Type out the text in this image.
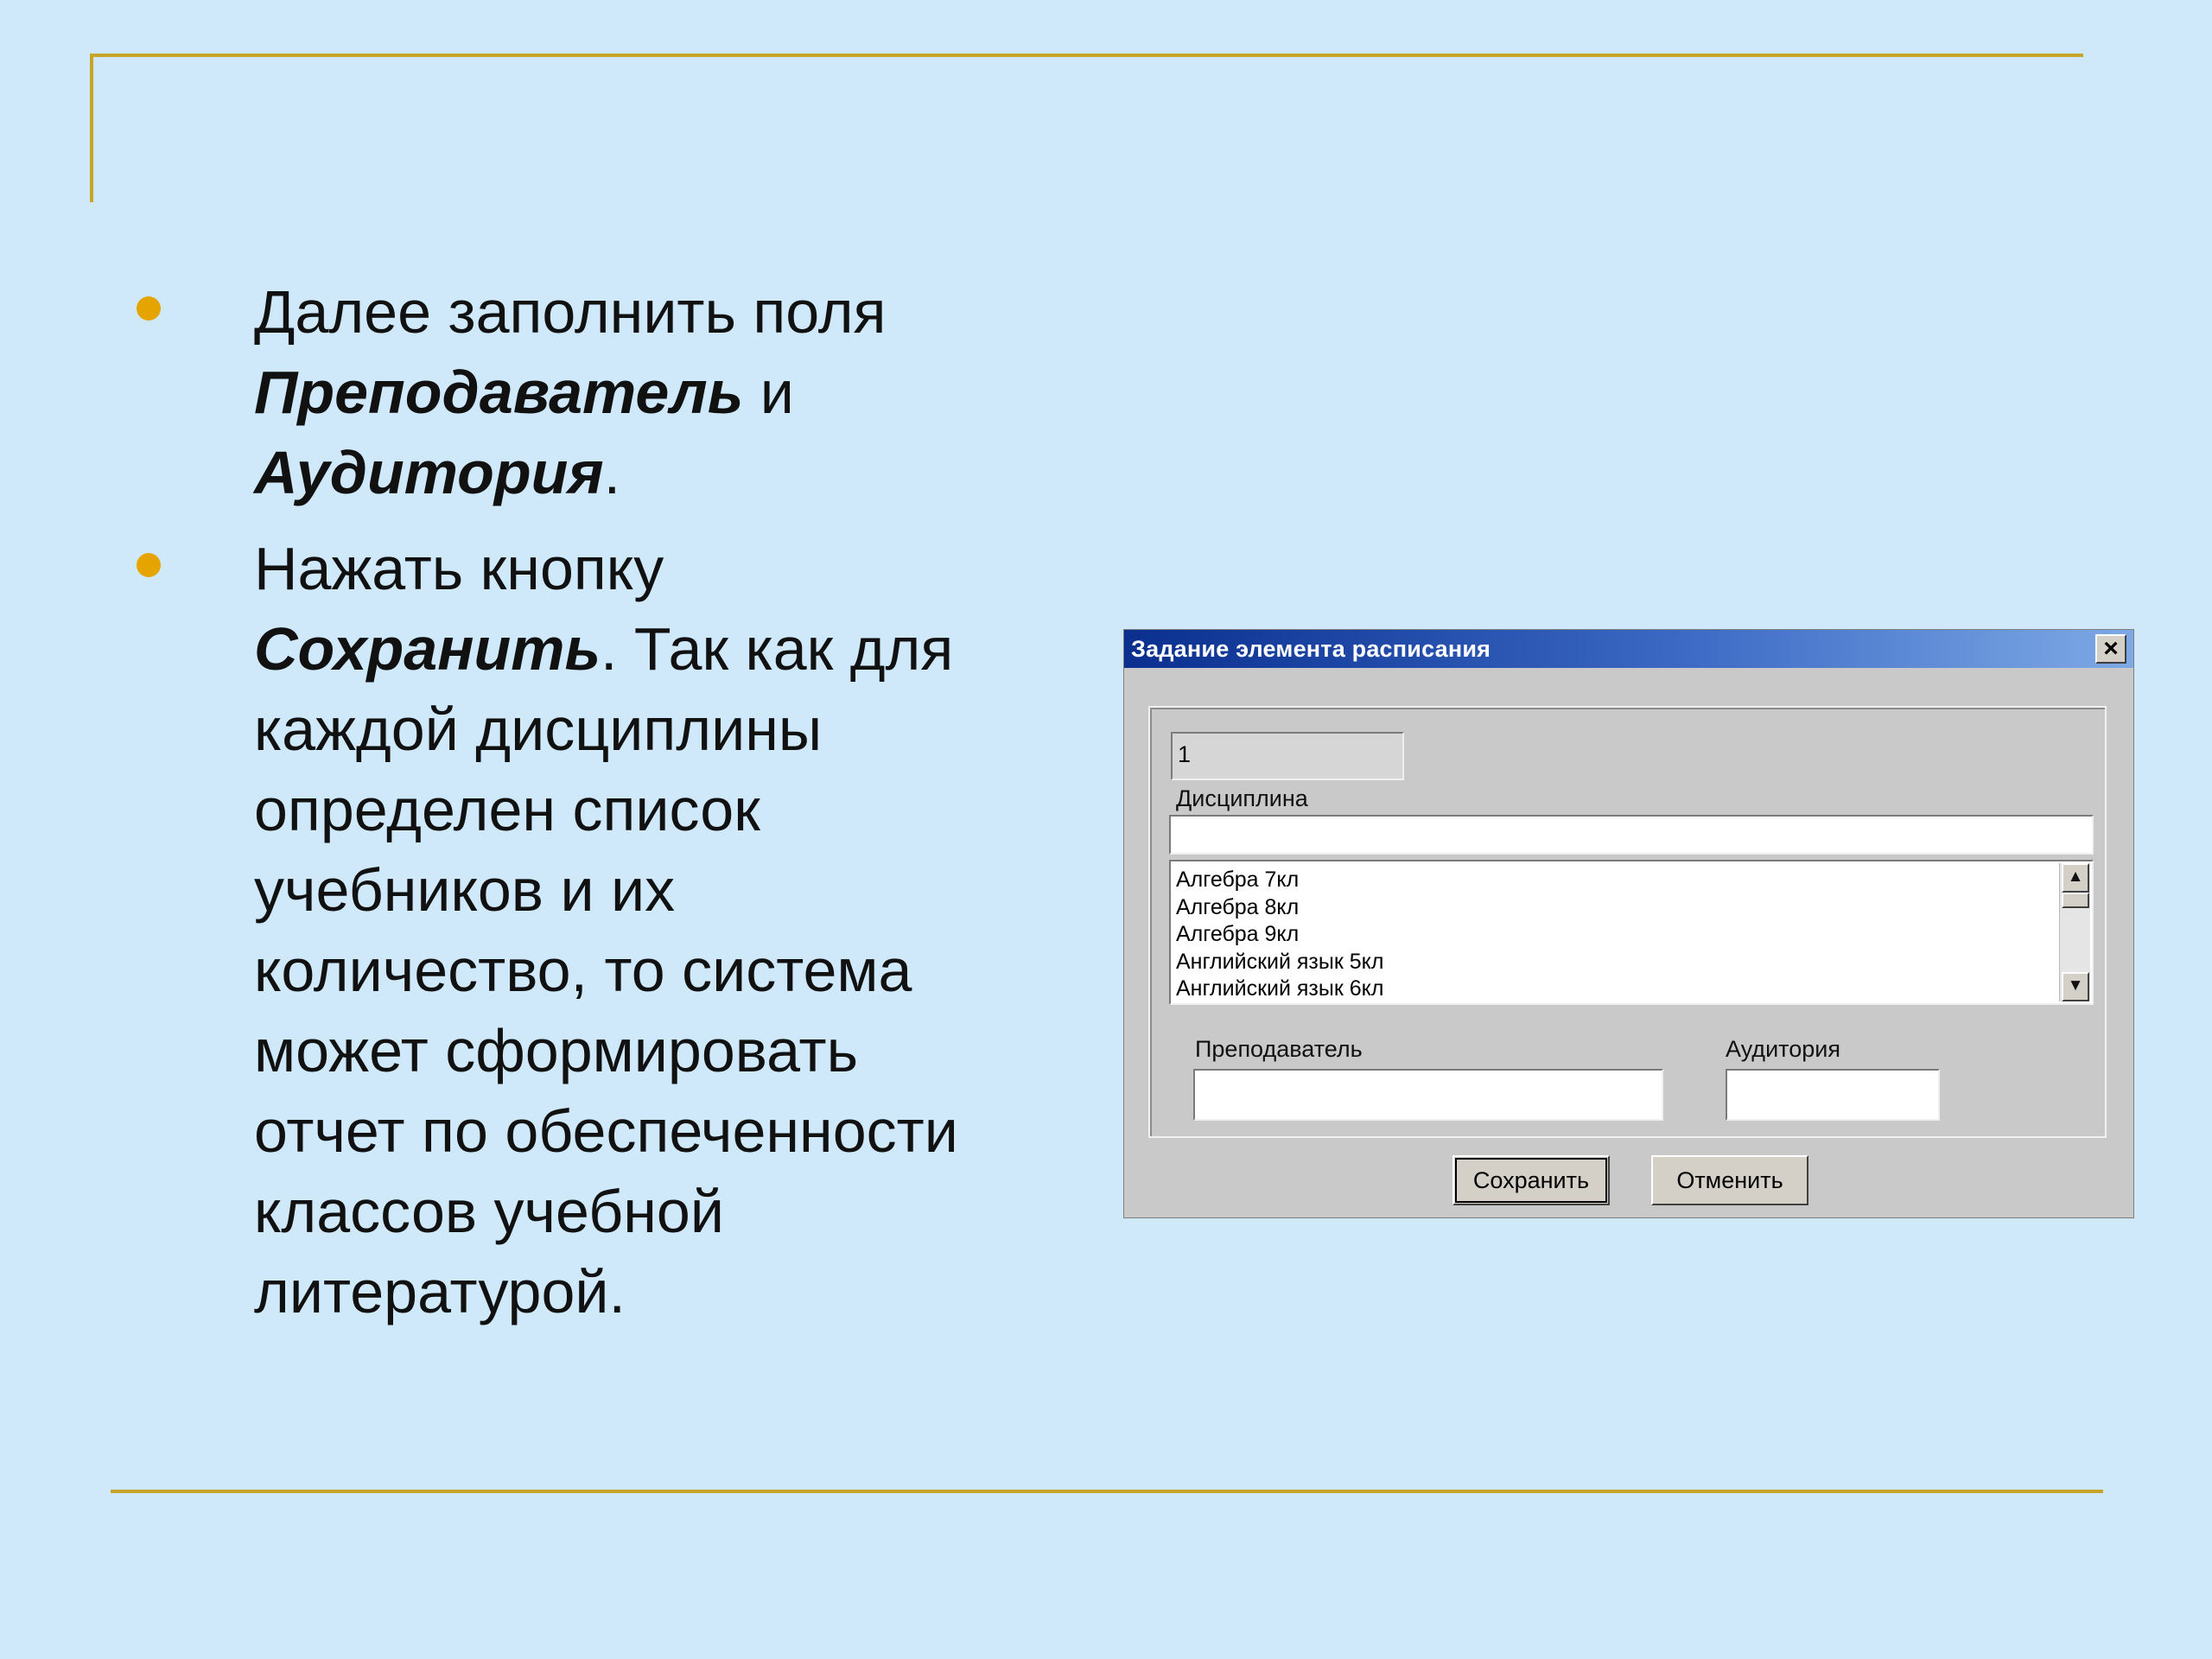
Далее заполнить поля
Преподаватель и
Аудитория.
Нажать кнопку
Сохранить. Так как для
каждой дисциплины
определен список
учебников и их
количество, то система
может сформировать
отчет по обеспеченности
классов учебной
литературой.
Задание элемента расписания	×
1
Дисциплина
Алгебра 7кл
Алгебра 8кл
Алгебра 9кл
Английский язык 5кл
Английский язык 6кл
▲
▼
Преподаватель	Аудитория
Сохранить	Отменить
